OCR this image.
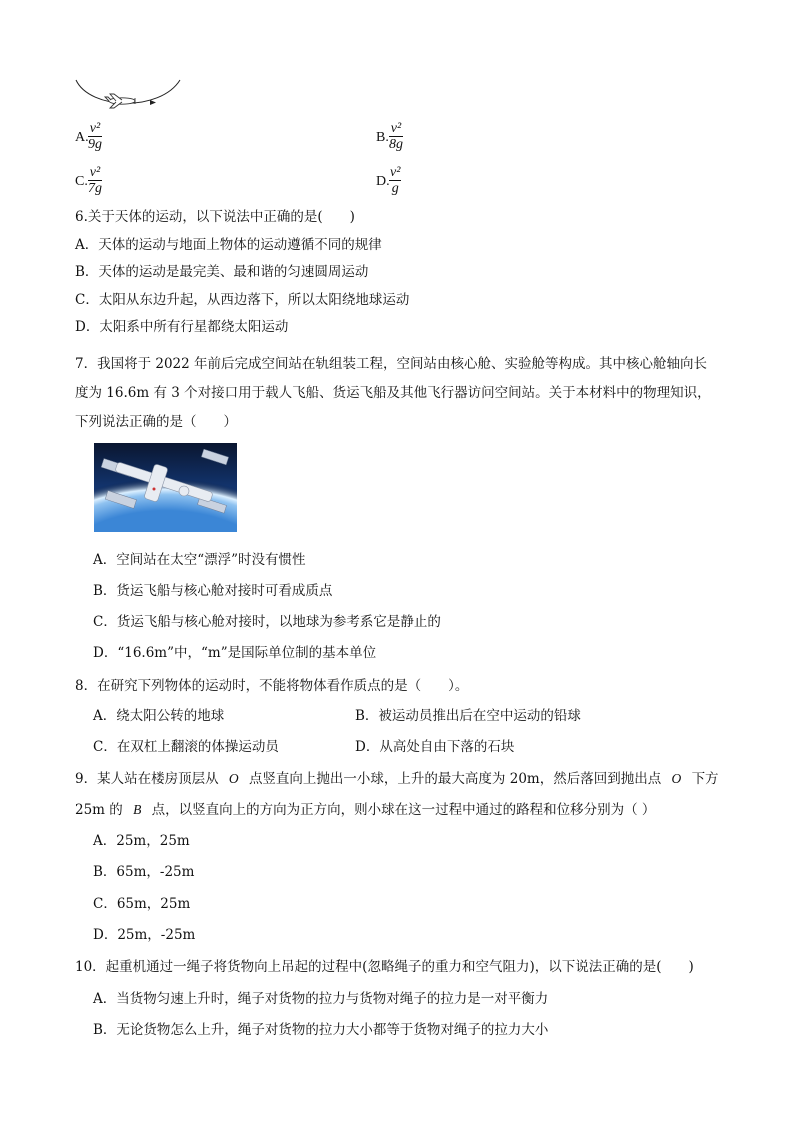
A. $\frac{\text{v²}}{9g}$	B. $\frac{\text{v²}}{8g}$
C. $\frac{\text{v²}}{7g}$	D. $\frac{\text{v²}}{g}$
6.关于天体的运动，以下说法中正确的是(　　)
A．天体的运动与地面上物体的运动遵循不同的规律
B．天体的运动是最完美、最和谐的匀速圆周运动
C．太阳从东边升起，从西边落下，所以太阳绕地球运动
D．太阳系中所有行星都绕太阳运动
7．我国将于 2022 年前后完成空间站在轨组装工程，空间站由核心舱、实验舱等构成。其中核心舱轴向长
度为 16.6m 有 3 个对接口用于载人飞船、货运飞船及其他飞行器访问空间站。关于本材料中的物理知识，
下列说法正确的是（　　）
A．空间站在太空“漂浮”时没有惯性
B．货运飞船与核心舱对接时可看成质点
C．货运飞船与核心舱对接时，以地球为参考系它是静止的
D．“16.6m”中，“m”是国际单位制的基本单位
8．在研究下列物体的运动时，不能将物体看作质点的是（　　）。
A．绕太阳公转的地球	B．被运动员推出后在空中运动的铅球
C．在双杠上翻滚的体操运动员	D．从高处自由下落的石块
9．某人站在楼房顶层从 O 点竖直向上抛出一小球，上升的最大高度为 20m，然后落回到抛出点 O 下方
25m 的 B 点，以竖直向上的方向为正方向，则小球在这一过程中通过的路程和位移分别为（ ）
A．25m，25m
B．65m，-25m
C．65m，25m
D．25m，-25m
10．起重机通过一绳子将货物向上吊起的过程中(忽略绳子的重力和空气阻力)，以下说法正确的是(　　)
A．当货物匀速上升时，绳子对货物的拉力与货物对绳子的拉力是一对平衡力
B．无论货物怎么上升，绳子对货物的拉力大小都等于货物对绳子的拉力大小
